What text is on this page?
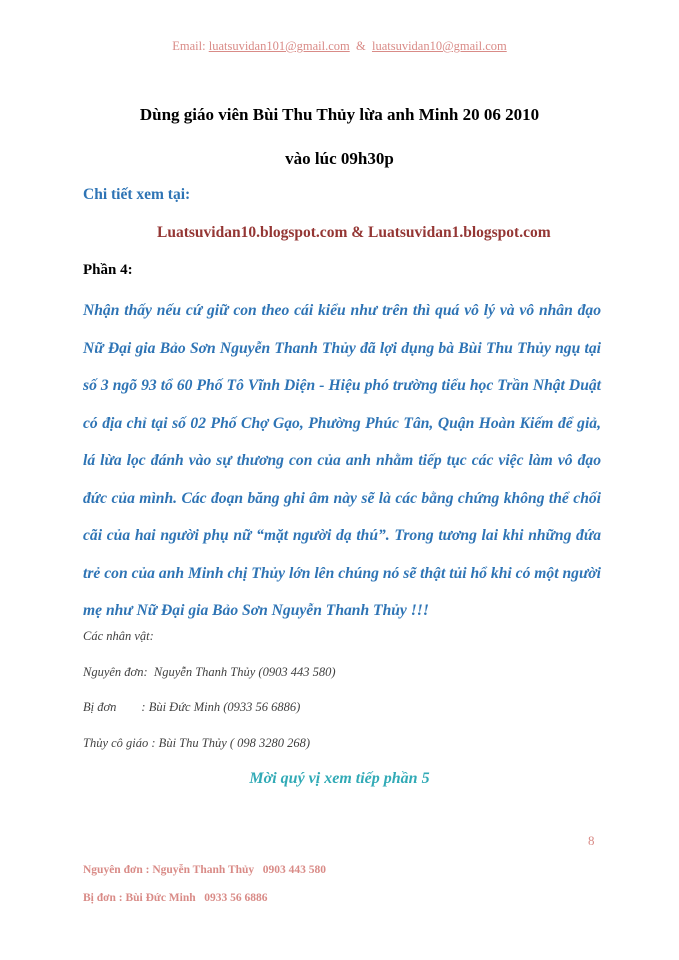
Email: luatsuvidan101@gmail.com & luatsuvidan10@gmail.com
Dùng giáo viên Bùi Thu Thủy lừa anh Minh 20 06 2010
vào lúc 09h30p
Chi tiết xem tại:
Luatsuvidan10.blogspot.com & Luatsuvidan1.blogspot.com
Phần 4:
Nhận thấy nếu cứ giữ con theo cái kiểu như trên thì quá vô lý và vô nhân đạo Nữ Đại gia Bảo Sơn Nguyễn Thanh Thủy đã lợi dụng bà Bùi Thu Thủy ngụ tại số 3 ngõ 93 tổ 60 Phố Tô Vĩnh Diện - Hiệu phó trường tiểu học Trần Nhật Duật có địa chỉ tại số 02 Phố Chợ Gạo, Phường Phúc Tân, Quận Hoàn Kiếm để giả, lá lừa lọc đánh vào sự thương con của anh nhằm tiếp tục các việc làm vô đạo đức của mình. Các đoạn băng ghi âm này sẽ là các bằng chứng không thể chối cãi của hai người phụ nữ “mặt người dạ thú”. Trong tương lai khi những đứa trẻ con của anh Minh chị Thủy lớn lên chúng nó sẽ thật tủi hổ khi có một người mẹ như Nữ Đại gia Bảo Sơn Nguyễn Thanh Thủy !!!
Các nhân vật:
Nguyên đơn:  Nguyễn Thanh Thủy (0903 443 580)
Bị đơn        : Bùi Đức Minh (0933 56 6886)
Thủy cô giáo : Bùi Thu Thủy ( 098 3280 268)
Mời quý vị xem tiếp phần 5
8
Nguyên đơn : Nguyễn Thanh Thủy   0903 443 580
Bị đơn : Bùi Đức Minh   0933 56 6886
